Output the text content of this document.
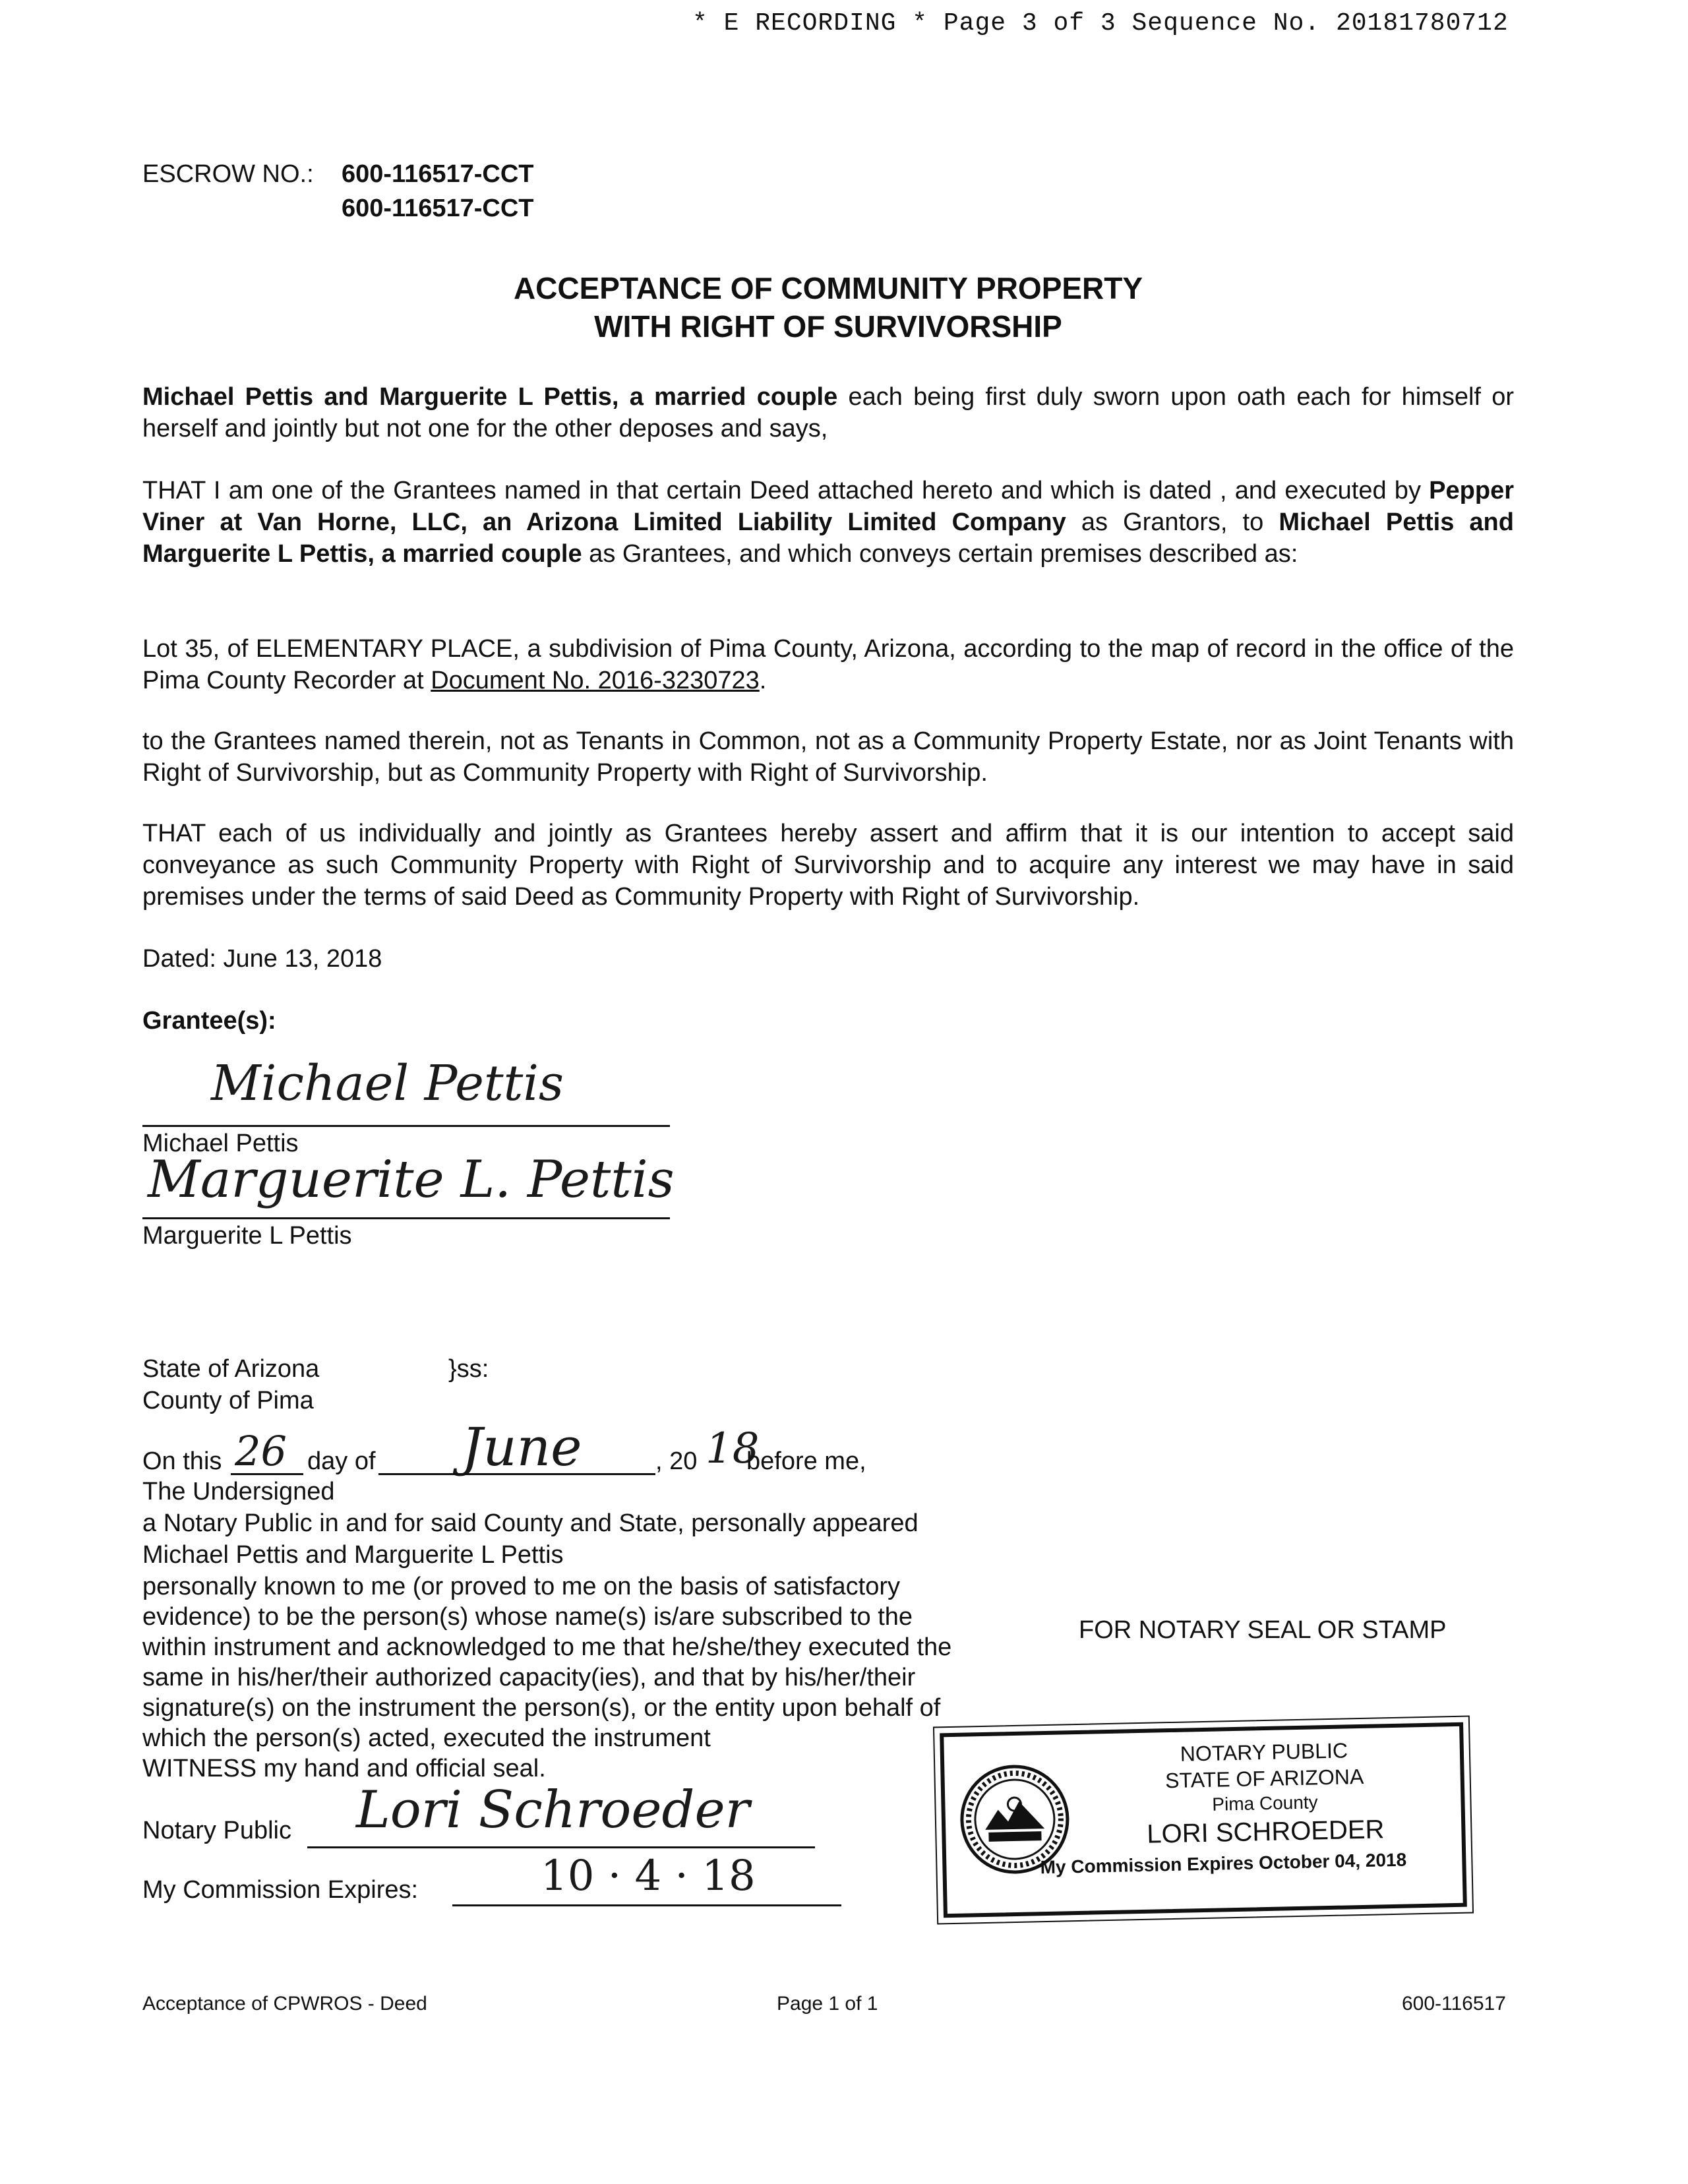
* E RECORDING * Page 3 of 3 Sequence No. 20181780712
ESCROW NO.: 600-116517-CCT
600-116517-CCT
ACCEPTANCE OF COMMUNITY PROPERTY
WITH RIGHT OF SURVIVORSHIP
Michael Pettis and Marguerite L Pettis, a married couple each being first duly sworn upon oath each for himself or herself and jointly but not one for the other deposes and says,
THAT I am one of the Grantees named in that certain Deed attached hereto and which is dated , and executed by Pepper Viner at Van Horne, LLC, an Arizona Limited Liability Limited Company as Grantors, to Michael Pettis and Marguerite L Pettis, a married couple as Grantees, and which conveys certain premises described as:
Lot 35, of ELEMENTARY PLACE, a subdivision of Pima County, Arizona, according to the map of record in the office of the Pima County Recorder at Document No. 2016-3230723.
to the Grantees named therein, not as Tenants in Common, not as a Community Property Estate, nor as Joint Tenants with Right of Survivorship, but as Community Property with Right of Survivorship.
THAT each of us individually and jointly as Grantees hereby assert and affirm that it is our intention to accept said conveyance as such Community Property with Right of Survivorship and to acquire any interest we may have in said premises under the terms of said Deed as Community Property with Right of Survivorship.
Dated: June 13, 2018
Grantee(s):
Michael Pettis
Michael Pettis
Marguerite L. Pettis
Marguerite L Pettis
State of Arizona	}ss:
County of Pima
On this 26 day of June	, 20 18
before me,
The Undersigned
a Notary Public in and for said County and State, personally appeared
Michael Pettis and Marguerite L Pettis
personally known to me (or proved to me on the basis of satisfactory
evidence) to be the person(s) whose name(s) is/are subscribed to the
within instrument and acknowledged to me that he/she/they executed the
same in his/her/their authorized capacity(ies), and that by his/her/their
signature(s) on the instrument the person(s), or the entity upon behalf of
which the person(s) acted, executed the instrument
WITNESS my hand and official seal.
Notary Public Lori Schroeder
My Commission Expires:	10 · 4 · 18
FOR NOTARY SEAL OR STAMP
NOTARY PUBLIC
STATE OF ARIZONA
Pima County
LORI SCHROEDER
My Commission Expires October 04, 2018
Acceptance of CPWROS - Deed	Page 1 of 1	600-116517
